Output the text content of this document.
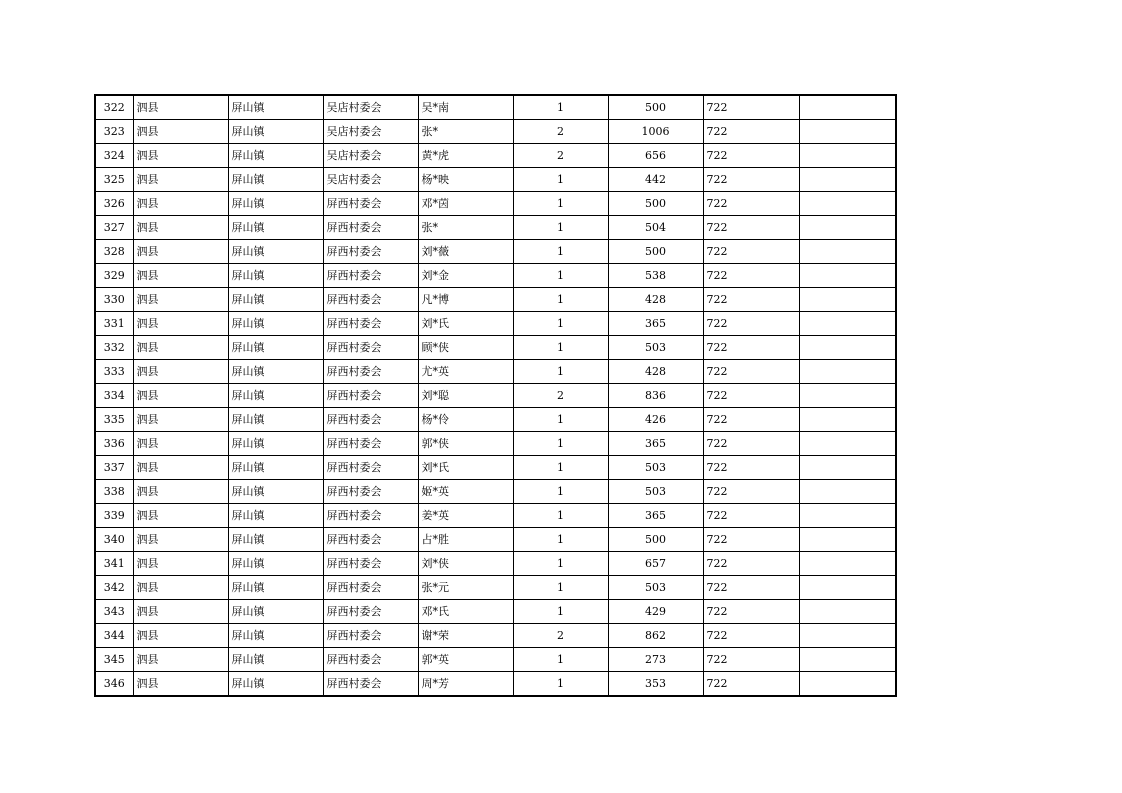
322	泗县	屏山镇	吴店村委会	吴*南	1	500	722	
323	泗县	屏山镇	吴店村委会	张*	2	1006	722	
324	泗县	屏山镇	吴店村委会	黄*虎	2	656	722	
325	泗县	屏山镇	吴店村委会	杨*映	1	442	722	
326	泗县	屏山镇	屏西村委会	邓*茵	1	500	722	
327	泗县	屏山镇	屏西村委会	张*	1	504	722	
328	泗县	屏山镇	屏西村委会	刘*薇	1	500	722	
329	泗县	屏山镇	屏西村委会	刘*金	1	538	722	
330	泗县	屏山镇	屏西村委会	凡*博	1	428	722	
331	泗县	屏山镇	屏西村委会	刘*氏	1	365	722	
332	泗县	屏山镇	屏西村委会	顾*侠	1	503	722	
333	泗县	屏山镇	屏西村委会	尤*英	1	428	722	
334	泗县	屏山镇	屏西村委会	刘*聪	2	836	722	
335	泗县	屏山镇	屏西村委会	杨*伶	1	426	722	
336	泗县	屏山镇	屏西村委会	郭*侠	1	365	722	
337	泗县	屏山镇	屏西村委会	刘*氏	1	503	722	
338	泗县	屏山镇	屏西村委会	姬*英	1	503	722	
339	泗县	屏山镇	屏西村委会	姜*英	1	365	722	
340	泗县	屏山镇	屏西村委会	占*胜	1	500	722	
341	泗县	屏山镇	屏西村委会	刘*侠	1	657	722	
342	泗县	屏山镇	屏西村委会	张*元	1	503	722	
343	泗县	屏山镇	屏西村委会	邓*氏	1	429	722	
344	泗县	屏山镇	屏西村委会	谢*荣	2	862	722	
345	泗县	屏山镇	屏西村委会	郭*英	1	273	722	
346	泗县	屏山镇	屏西村委会	周*芳	1	353	722	
